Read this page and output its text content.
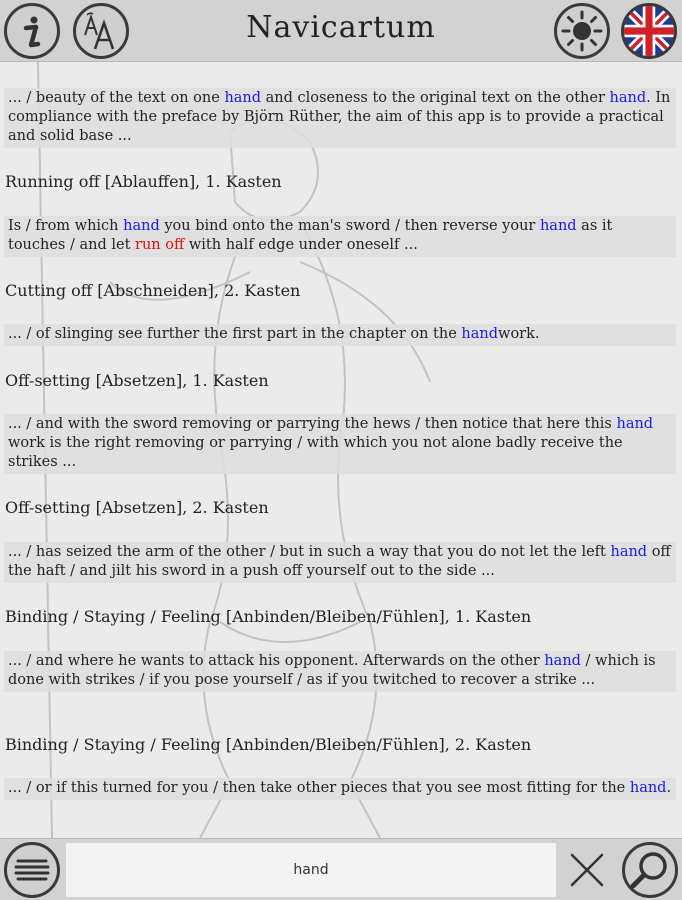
Navicartum
... / beauty of the text on one hand and closeness to the original text on the other hand. In compliance with the preface by Björn Rüther, the aim of this app is to provide a practical and solid base ...
Running off [Ablauffen], 1. Kasten
Is / from which hand you bind onto the man's sword / then reverse your hand as it touches / and let run off with half edge under oneself ...
Cutting off [Abschneiden], 2. Kasten
... / of slinging see further the first part in the chapter on the handwork.
Off-setting [Absetzen], 1. Kasten
... / and with the sword removing or parrying the hews / then notice that here this hand work is the right removing or parrying / with which you not alone badly receive the strikes ...
Off-setting [Absetzen], 2. Kasten
... / has seized the arm of the other / but in such a way that you do not let the left hand off the haft / and jilt his sword in a push off yourself out to the side ...
Binding / Staying / Feeling [Anbinden/Bleiben/Fühlen], 1. Kasten
... / and where he wants to attack his opponent. Afterwards on the other hand / which is done with strikes / if you pose yourself / as if you twitched to recover a strike ...
Binding / Staying / Feeling [Anbinden/Bleiben/Fühlen], 2. Kasten
... / or if this turned for you / then take other pieces that you see most fitting for the hand.
hand
